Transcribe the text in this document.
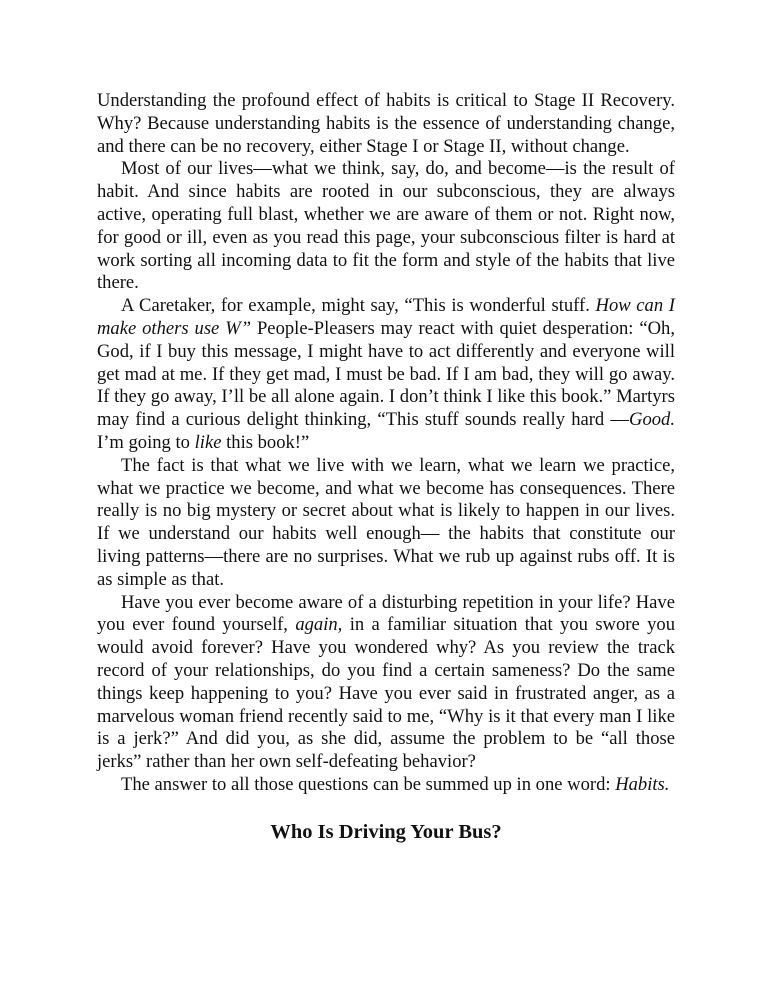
Understanding the profound effect of habits is critical to Stage II Recovery. Why? Because understanding habits is the essence of understanding change, and there can be no recovery, either Stage I or Stage II, without change.

Most of our lives—what we think, say, do, and become—is the result of habit. And since habits are rooted in our subconscious, they are always active, operating full blast, whether we are aware of them or not. Right now, for good or ill, even as you read this page, your subconscious filter is hard at work sorting all incoming data to fit the form and style of the habits that live there.

A Caretaker, for example, might say, “This is wonderful stuff. How can I make others use W” People-Pleasers may react with quiet desperation: “Oh, God, if I buy this message, I might have to act differently and everyone will get mad at me. If they get mad, I must be bad. If I am bad, they will go away. If they go away, I’ll be all alone again. I don’t think I like this book.” Martyrs may find a curious delight thinking, “This stuff sounds really hard —Good. I’m going to like this book!”

The fact is that what we live with we learn, what we learn we practice, what we practice we become, and what we become has consequences. There really is no big mystery or secret about what is likely to happen in our lives. If we understand our habits well enough— the habits that constitute our living patterns—there are no surprises. What we rub up against rubs off. It is as simple as that.

Have you ever become aware of a disturbing repetition in your life? Have you ever found yourself, again, in a familiar situation that you swore you would avoid forever? Have you wondered why? As you review the track record of your relationships, do you find a certain sameness? Do the same things keep happening to you? Have you ever said in frustrated anger, as a marvelous woman friend recently said to me, “Why is it that every man I like is a jerk?” And did you, as she did, assume the problem to be “all those jerks” rather than her own self-defeating behavior?

The answer to all those questions can be summed up in one word: Habits.

Who Is Driving Your Bus?
